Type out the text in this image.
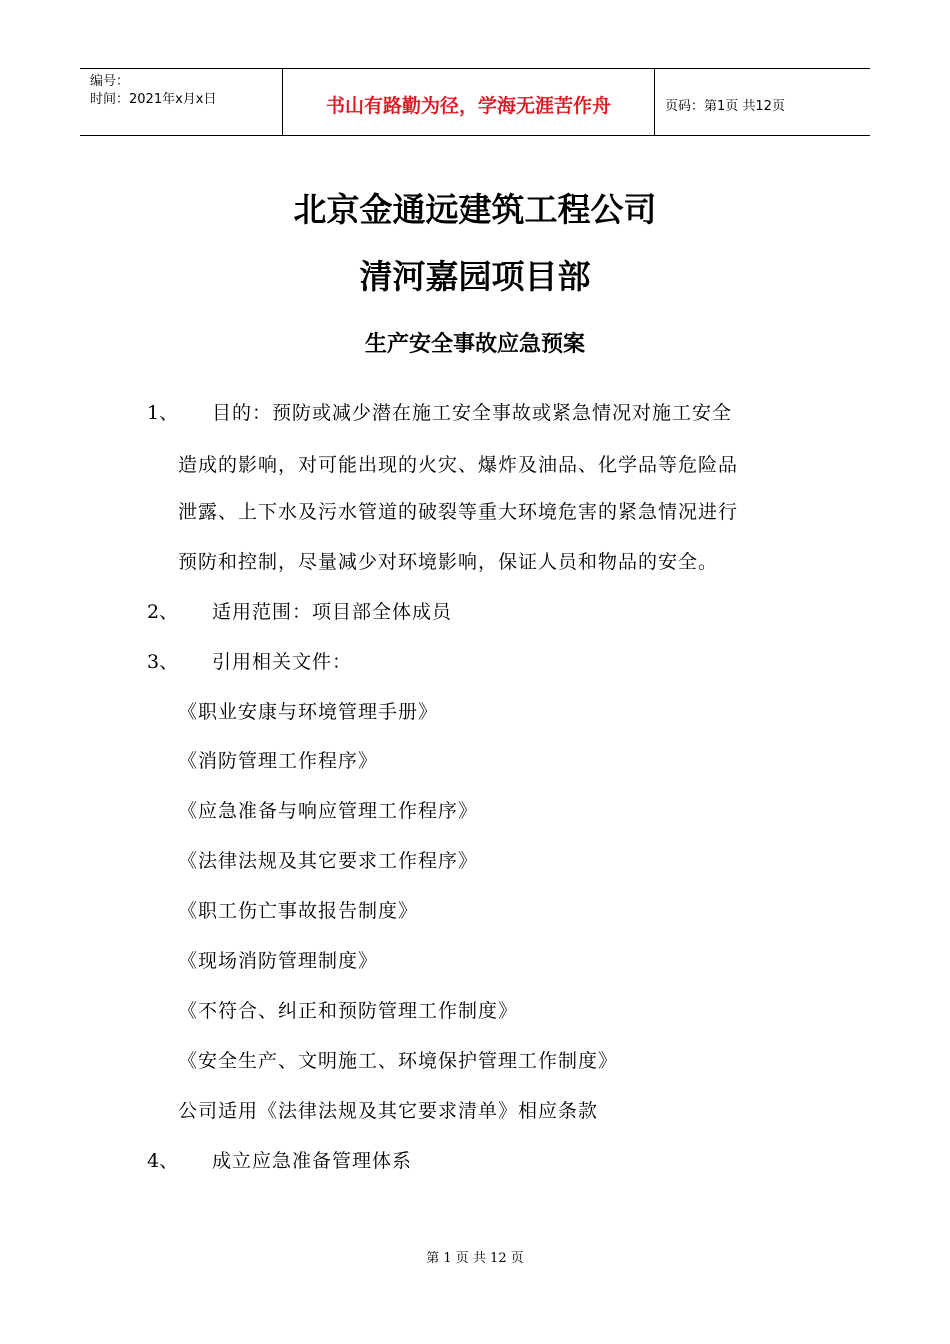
编号：
时间：2021年x月x日	书山有路勤为径，学海无涯苦作舟	页码：第1页 共12页
北京金通远建筑工程公司
清河嘉园项目部
生产安全事故应急预案
1、 目的：预防或减少潜在施工安全事故或紧急情况对施工安全
造成的影响，对可能出现的火灾、爆炸及油品、化学品等危险品
泄露、上下水及污水管道的破裂等重大环境危害的紧急情况进行
预防和控制，尽量减少对环境影响，保证人员和物品的安全。
2、 适用范围：项目部全体成员
3、 引用相关文件：
《职业安康与环境管理手册》
《消防管理工作程序》
《应急准备与响应管理工作程序》
《法律法规及其它要求工作程序》
《职工伤亡事故报告制度》
《现场消防管理制度》
《不符合、纠正和预防管理工作制度》
《安全生产、文明施工、环境保护管理工作制度》
公司适用《法律法规及其它要求清单》相应条款
4、 成立应急准备管理体系
第 1 页 共 12 页
